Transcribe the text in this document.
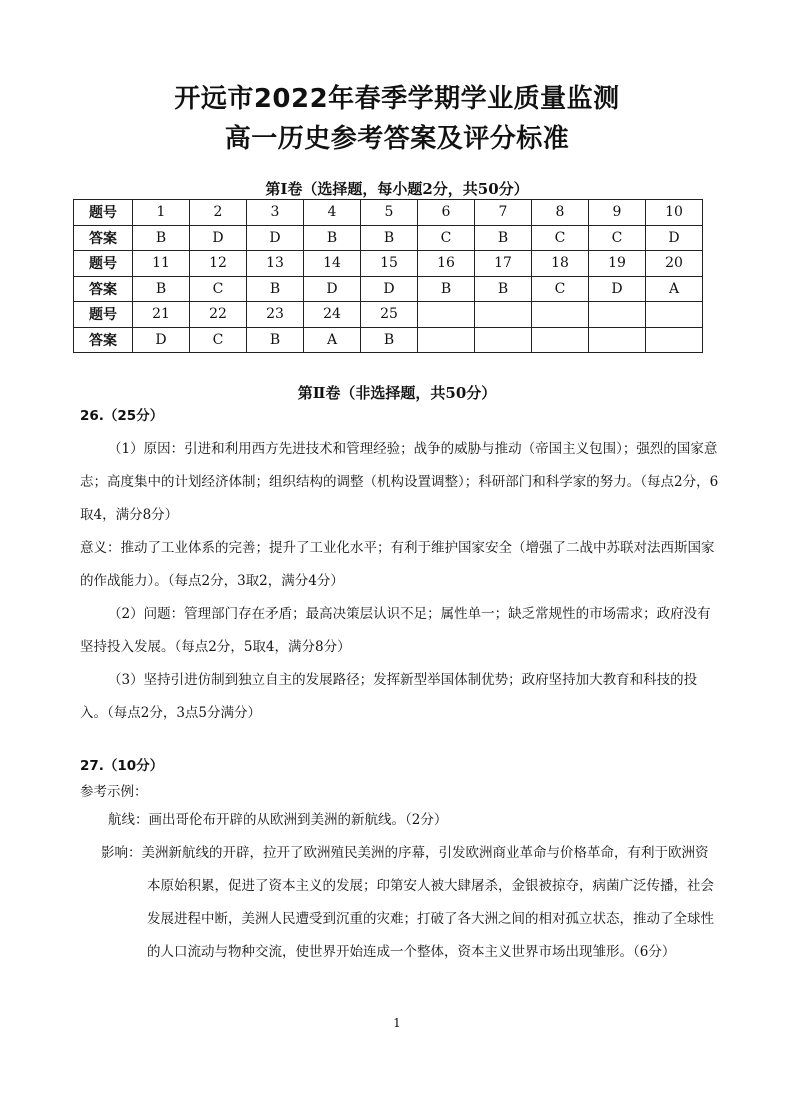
开远市2022年春季学期学业质量监测
高一历史参考答案及评分标准
第Ⅰ卷（选择题，每小题2分，共50分）
题号	1	2	3	4	5	6	7	8	9	10
答案	B	D	D	B	B	C	B	C	C	D
题号	11	12	13	14	15	16	17	18	19	20
答案	B	C	B	D	D	B	B	C	D	A
题号	21	22	23	24	25					
答案	D	C	B	A	B					
第Ⅱ卷（非选择题，共50分）

26.（25分）

（1）原因：引进和利用西方先进技术和管理经验；战争的威胁与推动（帝国主义包围）；强烈的国家意志；高度集中的计划经济体制；组织结构的调整（机构设置调整）；科研部门和科学家的努力。（每点2分，6取4，满分8分）

意义：推动了工业体系的完善；提升了工业化水平；有利于维护国家安全（增强了二战中苏联对法西斯国家的作战能力）。（每点2分，3取2，满分4分）

（2）问题：管理部门存在矛盾；最高决策层认识不足；属性单一；缺乏常规性的市场需求；政府没有坚持投入发展。（每点2分，5取4，满分8分）

（3）坚持引进仿制到独立自主的发展路径；发挥新型举国体制优势；政府坚持加大教育和科技的投入。（每点2分，3点5分满分）

27.（10分）

参考示例：

航线：画出哥伦布开辟的从欧洲到美洲的新航线。（2分）

影响：美洲新航线的开辟，拉开了欧洲殖民美洲的序幕，引发欧洲商业革命与价格革命，有利于欧洲资本原始积累，促进了资本主义的发展；印第安人被大肆屠杀，金银被掠夺，病菌广泛传播，社会发展进程中断，美洲人民遭受到沉重的灾难；打破了各大洲之间的相对孤立状态，推动了全球性的人口流动与物种交流，使世界开始连成一个整体，资本主义世界市场出现雏形。（6分）

1
